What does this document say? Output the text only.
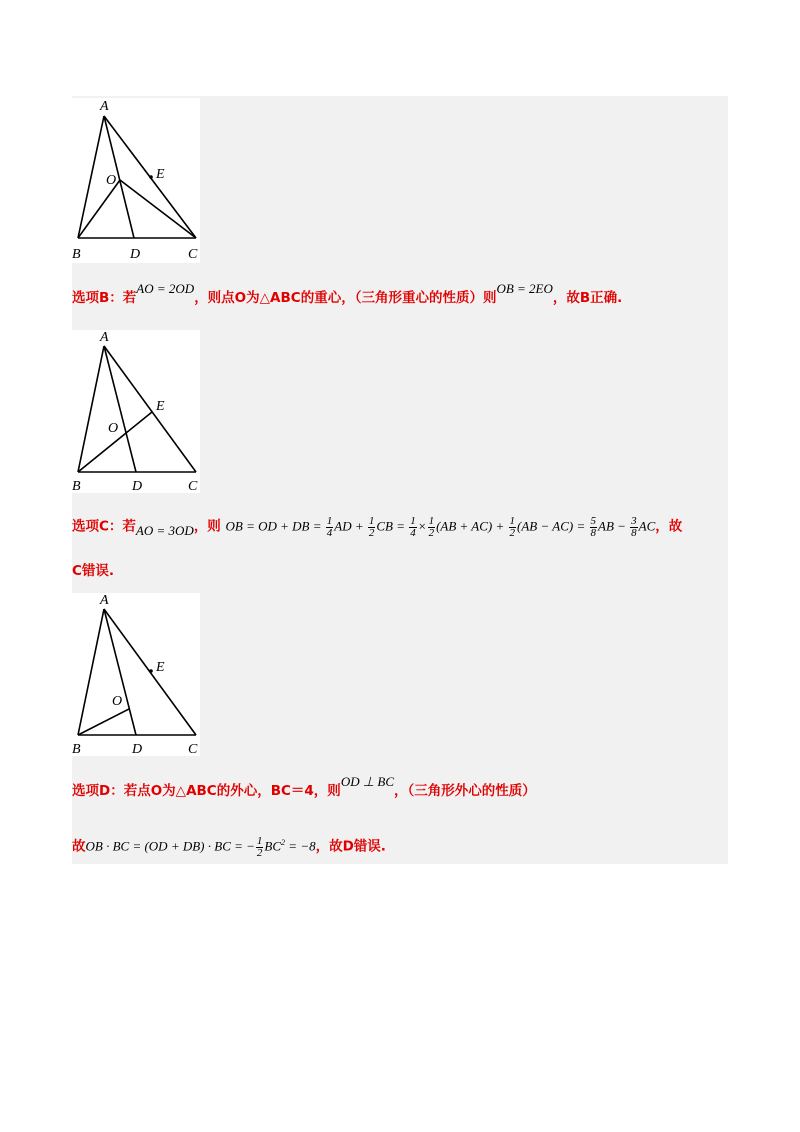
A
B	D	C
E
O
选项B：若AO = 2OD，则点O为△ABC的重心，（三角形重心的性质）则OB = 2EO，故B正确.
A
B	D	C
E
O
选项C：若AO = 3OD，则 OB = OD + DB = $\frac{1}{4}$ AD + $\frac{1}{2}$ CB = $\frac{1}{4} \times \frac{1}{2} (AB + AC) + \frac{1}{2} (AB - AC) = \frac{5}{8}$ AB − $\frac{3}{8}$ AC，故
C错误.
A
B	D	C
E
O
选项D：若点O为△ABC的外心，BC＝4，则OD ⊥ BC，（三角形外心的性质）
故OB · BC = (OD + DB) · BC = − $\frac{1}{2} BC^2 = -8$，故D错误.
